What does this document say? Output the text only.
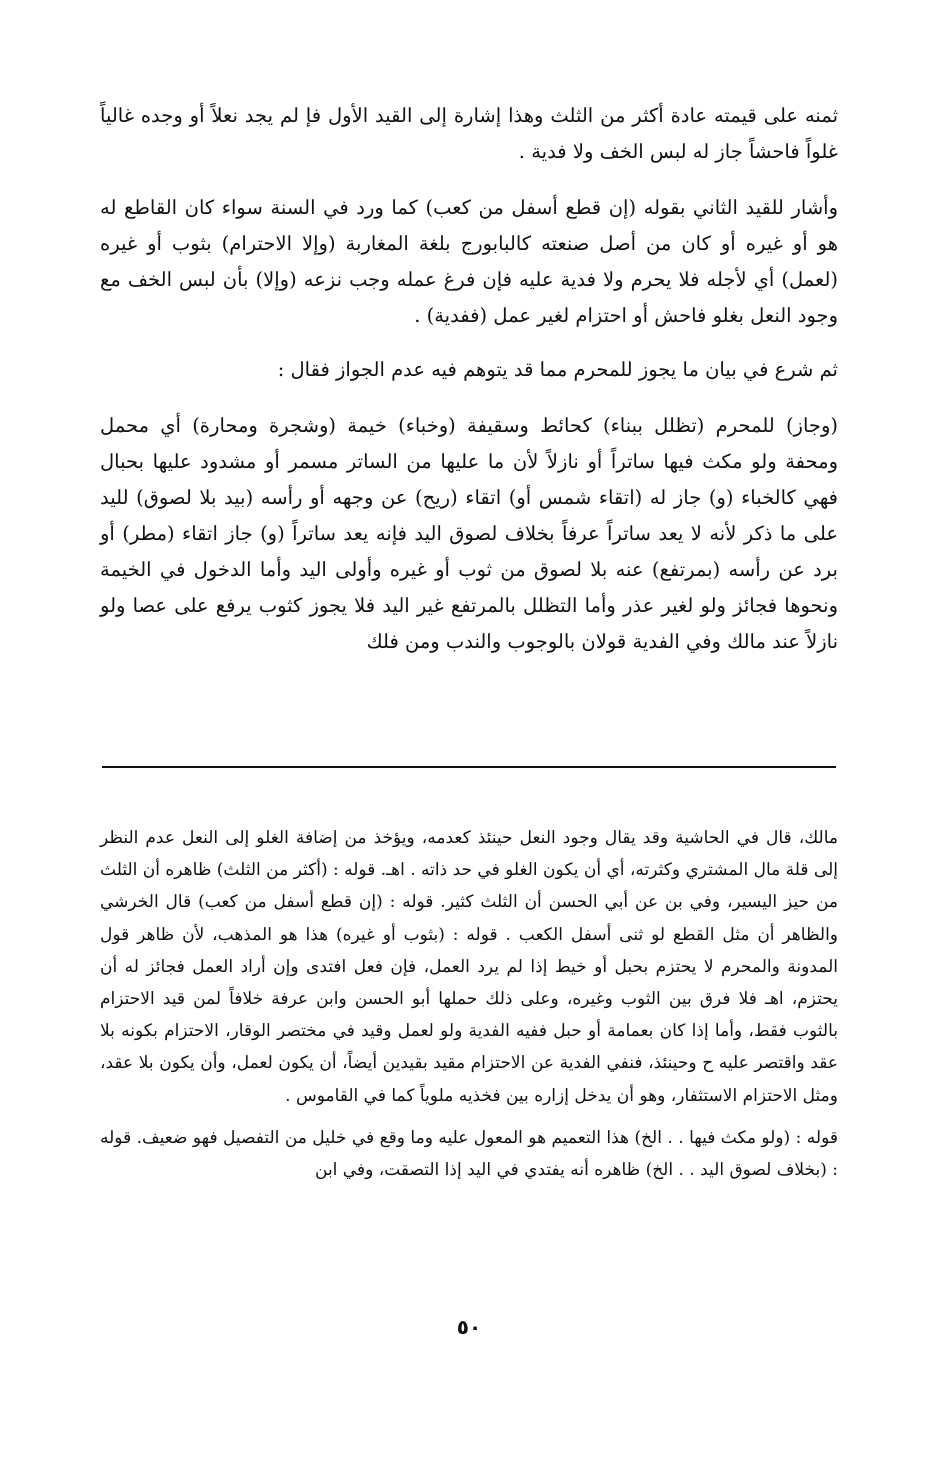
ثمنه على قيمته عادة أكثر من الثلث وهذا إشارة إلى القيد الأول فإ لم يجد نعلاً أو وجده غالياً غلواً فاحشاً جاز له لبس الخف ولا فدية .

وأشار للقيد الثاني بقوله (إن قطع أسفل من كعب) كما ورد في السنة سواء كان القاطع له هو أو غيره أو كان من أصل صنعته كالبابورج بلغة المغاربة (وإلا الاحترام) بثوب أو غيره (لعمل) أي لأجله فلا يحرم ولا فدية عليه فإن فرغ عمله وجب نزعه (وإلا) بأن لبس الخف مع وجود النعل بغلو فاحش أو احتزام لغير عمل (ففدية) .

ثم شرع في بيان ما يجوز للمحرم مما قد يتوهم فيه عدم الجواز فقال :

(وجاز) للمحرم (تظلل ببناء) كحائط وسقيفة (وخباء) خيمة (وشجرة ومحارة) أي محمل ومحفة ولو مكث فيها ساتراً أو نازلاً لأن ما عليها من الساتر مسمر أو مشدود عليها بحبال فهي كالخباء (و) جاز له (اتقاء شمس أو) اتقاء (ريح) عن وجهه أو رأسه (بيد بلا لصوق) لليد على ما ذكر لأنه لا يعد ساتراً عرفاً بخلاف لصوق اليد فإنه يعد ساتراً (و) جاز اتقاء (مطر) أو برد عن رأسه (بمرتفع) عنه بلا لصوق من ثوب أو غيره وأولى اليد وأما الدخول في الخيمة ونحوها فجائز ولو لغير عذر وأما التظلل بالمرتفع غير اليد فلا يجوز كثوب يرفع على عصا ولو نازلاً عند مالك وفي الفدية قولان بالوجوب والندب ومن فلك

مالك، قال في الحاشية وقد يقال وجود النعل حينئذ كعدمه، ويؤخذ من إضافة الغلو إلى النعل عدم النظر إلى قلة مال المشتري وكثرته، أي أن يكون الغلو في حد ذاته . اهـ. قوله : (أكثر من الثلث) ظاهره أن الثلث من حيز اليسير، وفي بن عن أبي الحسن أن الثلث كثير. قوله : (إن قطع أسفل من كعب) قال الخرشي والظاهر أن مثل القطع لو ثنى أسفل الكعب . قوله : (بثوب أو غيره) هذا هو المذهب، لأن ظاهر قول المدونة والمحرم لا يحتزم بحبل أو خيط إذا لم يرد العمل، فإن فعل افتدى وإن أراد العمل فجائز له أن يحتزم، اهـ فلا فرق بين الثوب وغيره، وعلى ذلك حملها أبو الحسن وابن عرفة خلافاً لمن قيد الاحتزام بالثوب فقط، وأما إذا كان بعمامة أو حبل ففيه الفدية ولو لعمل وقيد في مختصر الوقار، الاحتزام بكونه بلا عقد واقتصر عليه ح وحينئذ، فنفي الفدية عن الاحتزام مقيد بقيدين أيضاً، أن يكون لعمل، وأن يكون بلا عقد، ومثل الاحتزام الاستثفار، وهو أن يدخل إزاره بين فخذيه ملوياً كما في القاموس .

قوله : (ولو مكث فيها . . الخ) هذا التعميم هو المعول عليه وما وقع في خليل من التفصيل فهو ضعيف. قوله : (بخلاف لصوق اليد . . الخ) ظاهره أنه يفتدي في اليد إذا التصقت، وفي ابن

٥٠
